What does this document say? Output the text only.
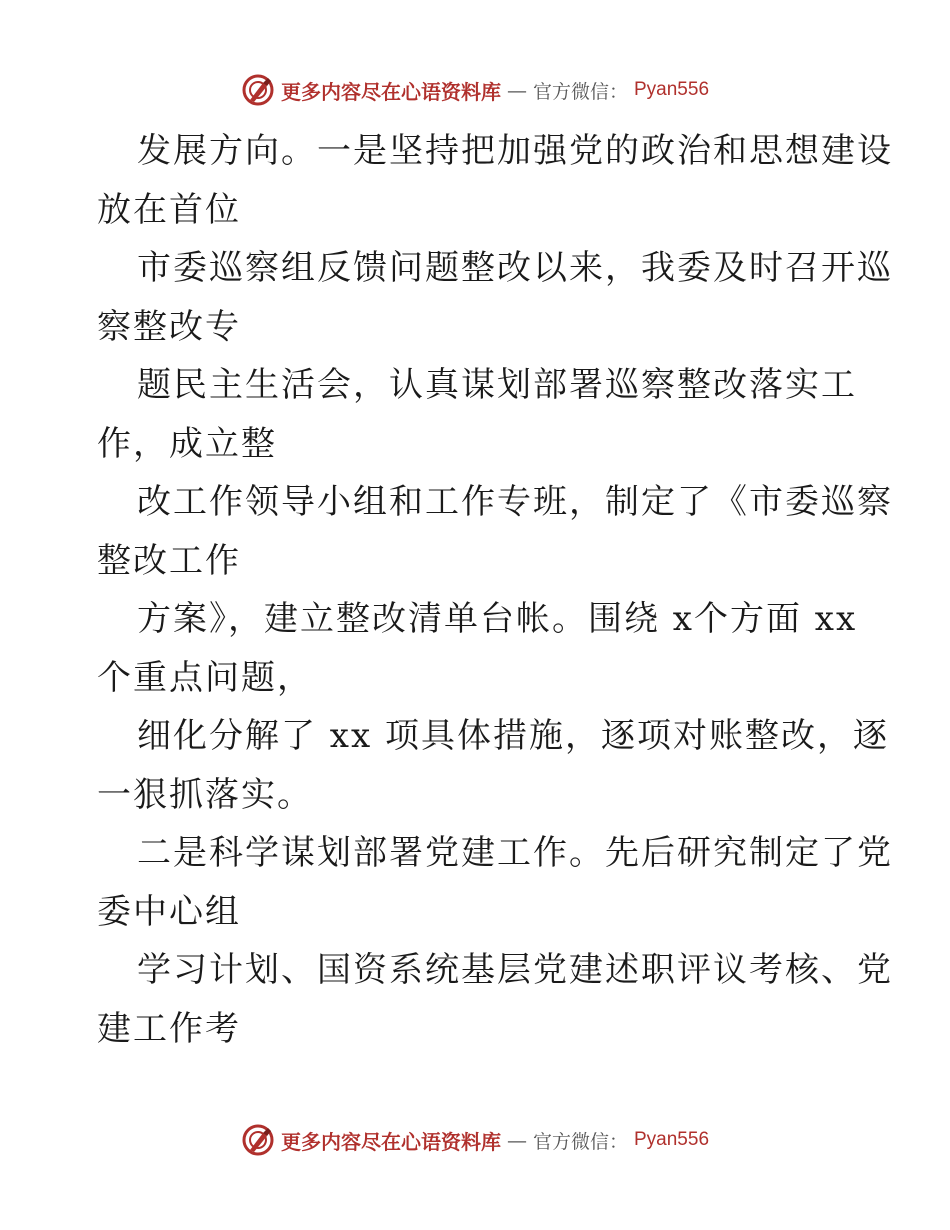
更多内容尽在心语资料库 — 官方微信： Pyan556
发展方向。一是坚持把加强党的政治和思想建设
放在首位
市委巡察组反馈问题整改以来，我委及时召开巡
察整改专
题民主生活会，认真谋划部署巡察整改落实工
作，成立整
改工作领导小组和工作专班，制定了《市委巡察
整改工作
方案》，建立整改清单台帐。围绕 x个方面 xx
个重点问题，
细化分解了 xx 项具体措施，逐项对账整改，逐
一狠抓落实。
二是科学谋划部署党建工作。先后研究制定了党
委中心组
学习计划、国资系统基层党建述职评议考核、党
建工作考
更多内容尽在心语资料库 — 官方微信： Pyan556
